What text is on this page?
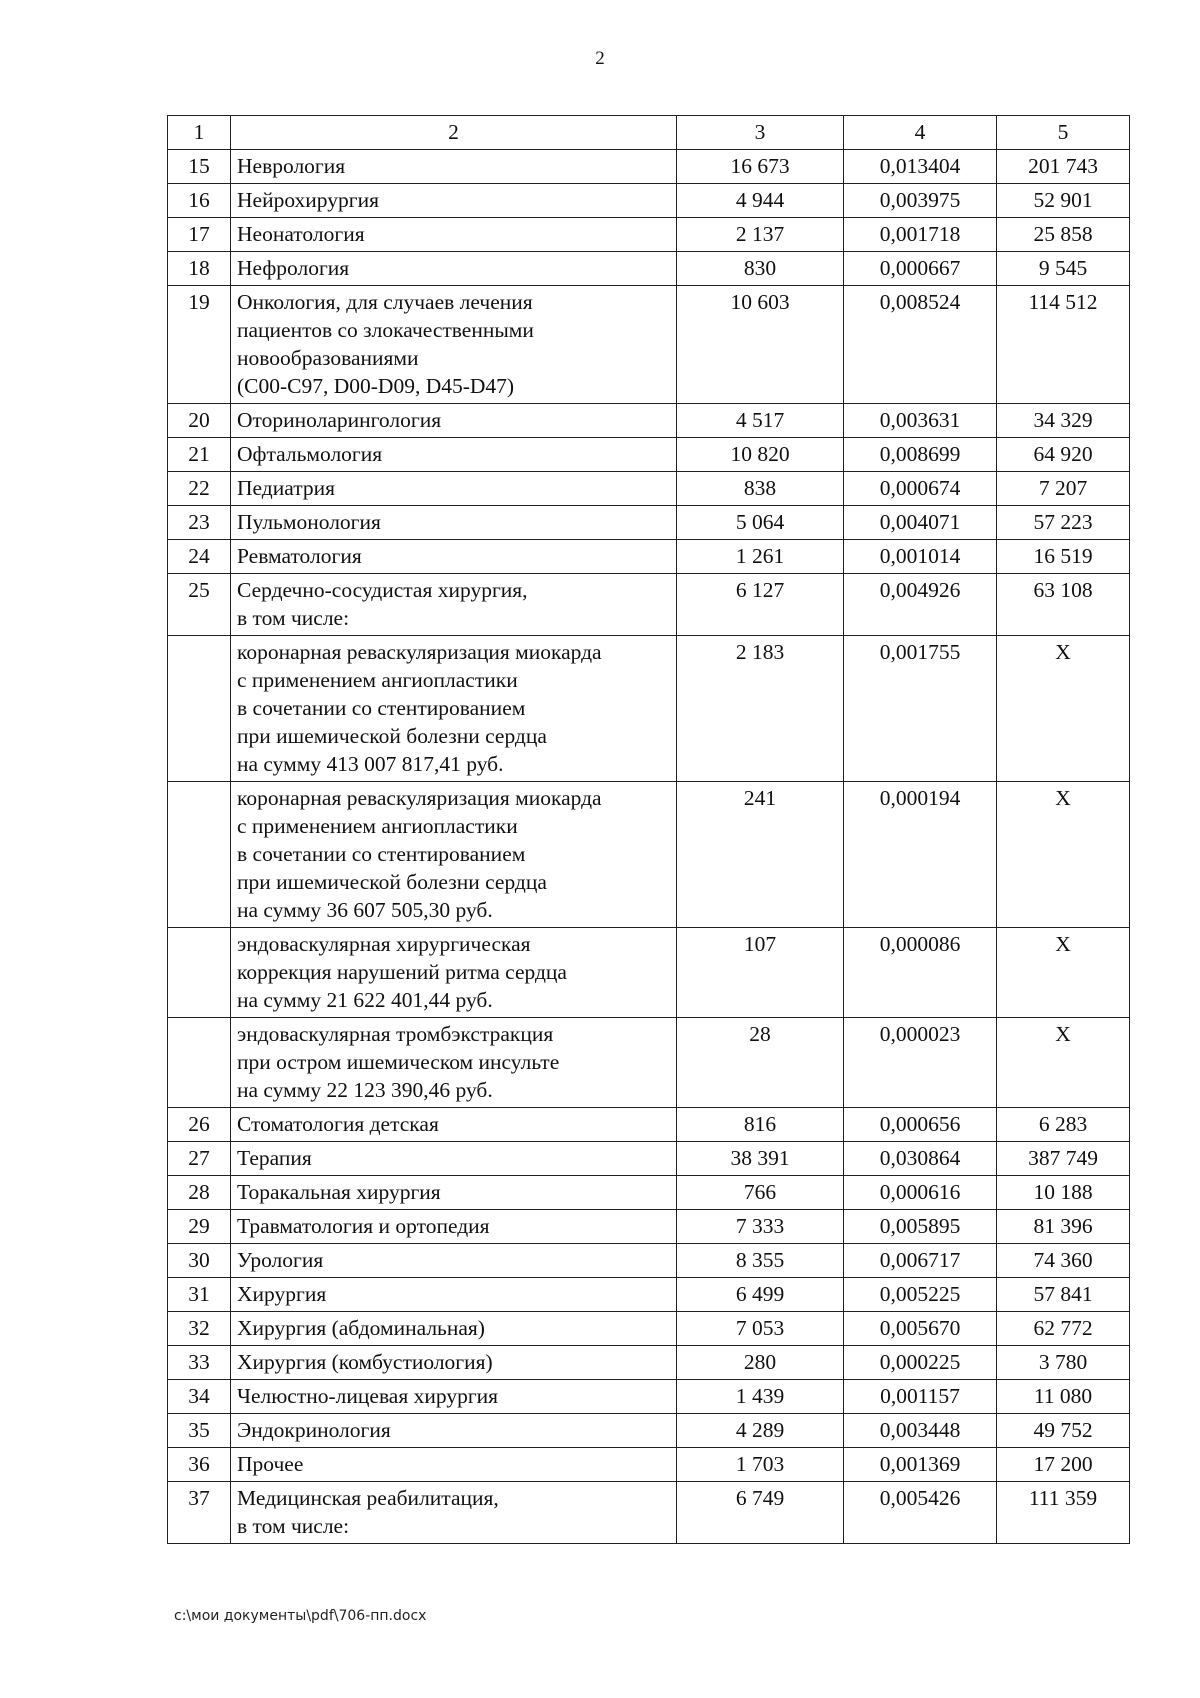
2
1	2	3	4	5
15	Неврология	16 673	0,013404	201 743
16	Нейрохирургия	4 944	0,003975	52 901
17	Неонатология	2 137	0,001718	25 858
18	Нефрология	830	0,000667	9 545
19	Онкология, для случаев лечения
пациентов со злокачественными
новообразованиями
(C00-C97, D00-D09, D45-D47)	10 603	0,008524	114 512
20	Оториноларингология	4 517	0,003631	34 329
21	Офтальмология	10 820	0,008699	64 920
22	Педиатрия	838	0,000674	7 207
23	Пульмонология	5 064	0,004071	57 223
24	Ревматология	1 261	0,001014	16 519
25	Сердечно-сосудистая хирургия,
в том числе:	6 127	0,004926	63 108
	коронарная реваскуляризация миокарда
с применением ангиопластики
в сочетании со стентированием
при ишемической болезни сердца
на сумму 413 007 817,41 руб.	2 183	0,001755	X
	коронарная реваскуляризация миокарда
с применением ангиопластики
в сочетании со стентированием
при ишемической болезни сердца
на сумму 36 607 505,30 руб.	241	0,000194	X
	эндоваскулярная хирургическая
коррекция нарушений ритма сердца
на сумму 21 622 401,44 руб.	107	0,000086	X
	эндоваскулярная тромбэкстракция
при остром ишемическом инсульте
на сумму 22 123 390,46 руб.	28	0,000023	X
26	Стоматология детская	816	0,000656	6 283
27	Терапия	38 391	0,030864	387 749
28	Торакальная хирургия	766	0,000616	10 188
29	Травматология и ортопедия	7 333	0,005895	81 396
30	Урология	8 355	0,006717	74 360
31	Хирургия	6 499	0,005225	57 841
32	Хирургия (абдоминальная)	7 053	0,005670	62 772
33	Хирургия (комбустиология)	280	0,000225	3 780
34	Челюстно-лицевая хирургия	1 439	0,001157	11 080
35	Эндокринология	4 289	0,003448	49 752
36	Прочее	1 703	0,001369	17 200
37	Медицинская реабилитация,
в том числе:	6 749	0,005426	111 359
c:\мои документы\pdf\706-пп.docx
